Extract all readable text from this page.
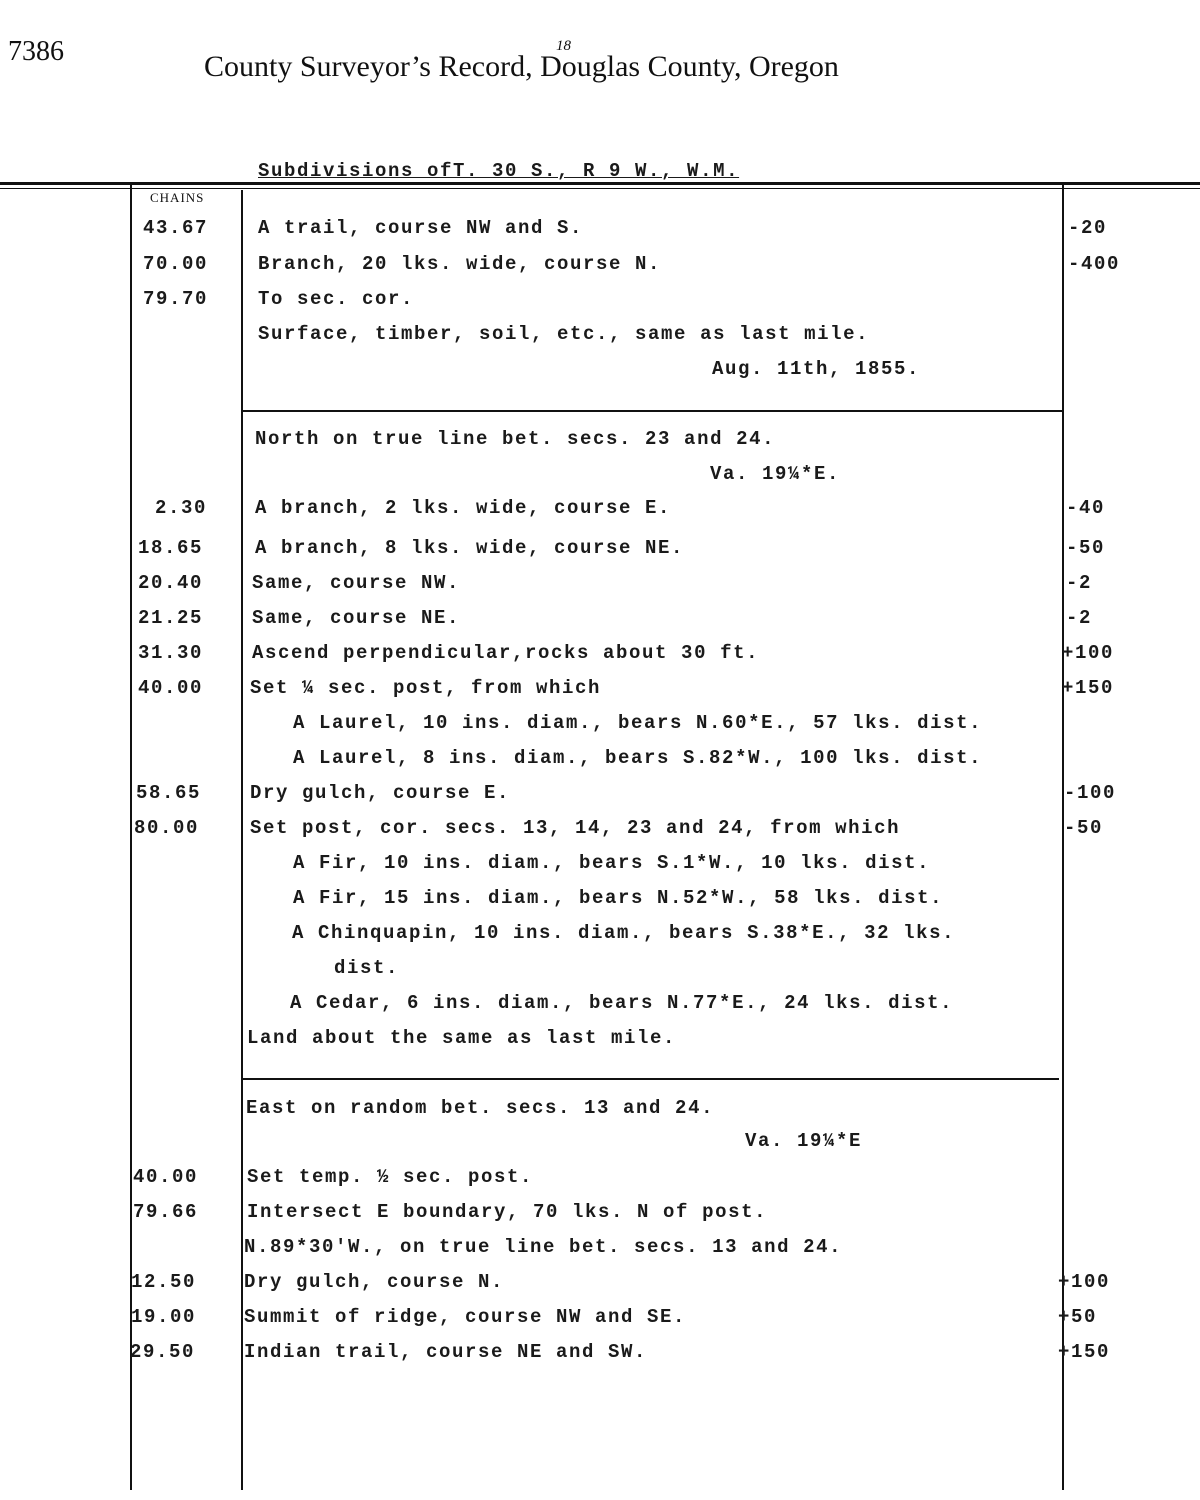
7386	18
County Surveyor’s Record, Douglas County, Oregon
Subdivisions ofT. 30 S., R 9 W., W.M.
CHAINS
43.67	A trail, course NW and S.	-20
70.00	Branch, 20 lks. wide, course N.	-400
79.70	To sec. cor.
Surface, timber, soil, etc., same as last mile.
Aug. 11th, 1855.
North on true line bet. secs. 23 and 24.
Va. 19¼*E.
2.30	A branch, 2 lks. wide, course E.	-40
18.65	A branch, 8 lks. wide, course NE.	-50
20.40	Same, course NW.	-2
21.25	Same, course NE.	-2
31.30	Ascend perpendicular,rocks about 30 ft.	+100
40.00 Set ¼ sec. post, from which	+150
A Laurel, 10 ins. diam., bears N.60*E., 57 lks. dist.
A Laurel, 8 ins. diam., bears S.82*W., 100 lks. dist.
58.65	Dry gulch, course E.	-100
80.00	Set post, cor. secs. 13, 14, 23 and 24, from which	-50
A Fir, 10 ins. diam., bears S.1*W., 10 lks. dist.
A Fir, 15 ins. diam., bears N.52*W., 58 lks. dist.
A Chinquapin, 10 ins. diam., bears S.38*E., 32 lks.
dist.
A Cedar, 6 ins. diam., bears N.77*E., 24 lks. dist.
Land about the same as last mile.
East on random bet. secs. 13 and 24.
Va. 19¼*E
40.00	Set temp. ½ sec. post.
79.66	Intersect E boundary, 70 lks. N of post.
N.89*30'W., on true line bet. secs. 13 and 24.
12.50	Dry gulch, course N.	+100
19.00	Summit of ridge, course NW and SE.	+50
29.50	Indian trail, course NE and SW.	+150
